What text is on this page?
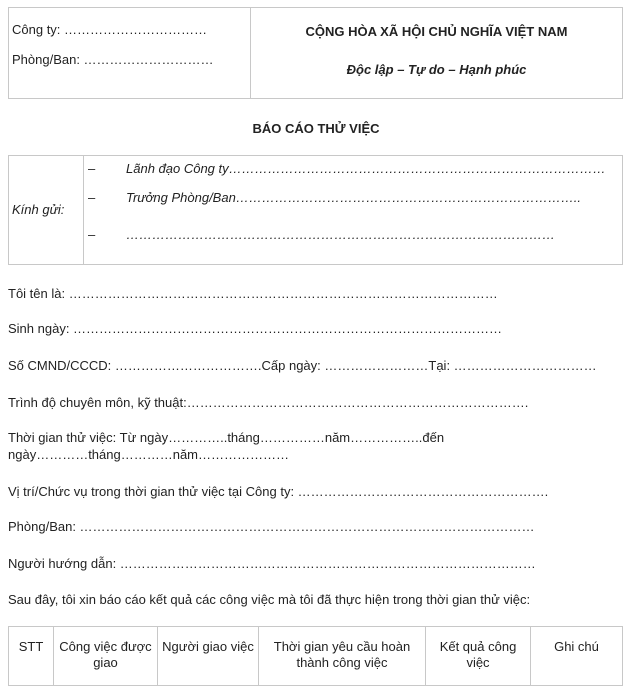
Công ty: ……………………………
Phòng/Ban: …………………………
CỘNG HÒA XÃ HỘI CHỦ NGHĨA VIỆT NAM
Độc lập – Tự do – Hạnh phúc
BÁO CÁO THỬ VIỆC

Kính gửi:
– Lãnh đạo Công ty……………………………………………………………………………
– Trưởng Phòng/Ban……………………………………………………………………..
– ………………………………………………………………………………………
Tôi tên là: ………………………………………………………………………………………
Sinh ngày: ………………………………………………………………………………………
Số CMND/CCCD: …………………………….Cấp ngày: ……………………Tại: ……………………………
Trình độ chuyên môn, kỹ thuật:…………………………………………………………………….
Thời gian thử việc: Từ ngày…………..tháng……………năm……………..đến
ngày…………tháng…………năm…………………
Vị trí/Chức vụ trong thời gian thử việc tại Công ty: ………………………………………………….
Phòng/Ban: ……………………………………………………………………………………………
Người hướng dẫn: ……………………………………………………………………………………
Sau đây, tôi xin báo cáo kết quả các công việc mà tôi đã thực hiện trong thời gian thử việc:
STT	Công việc được giao	Người giao việc	Thời gian yêu cầu hoàn thành công việc	Kết quả công việc	Ghi chú
